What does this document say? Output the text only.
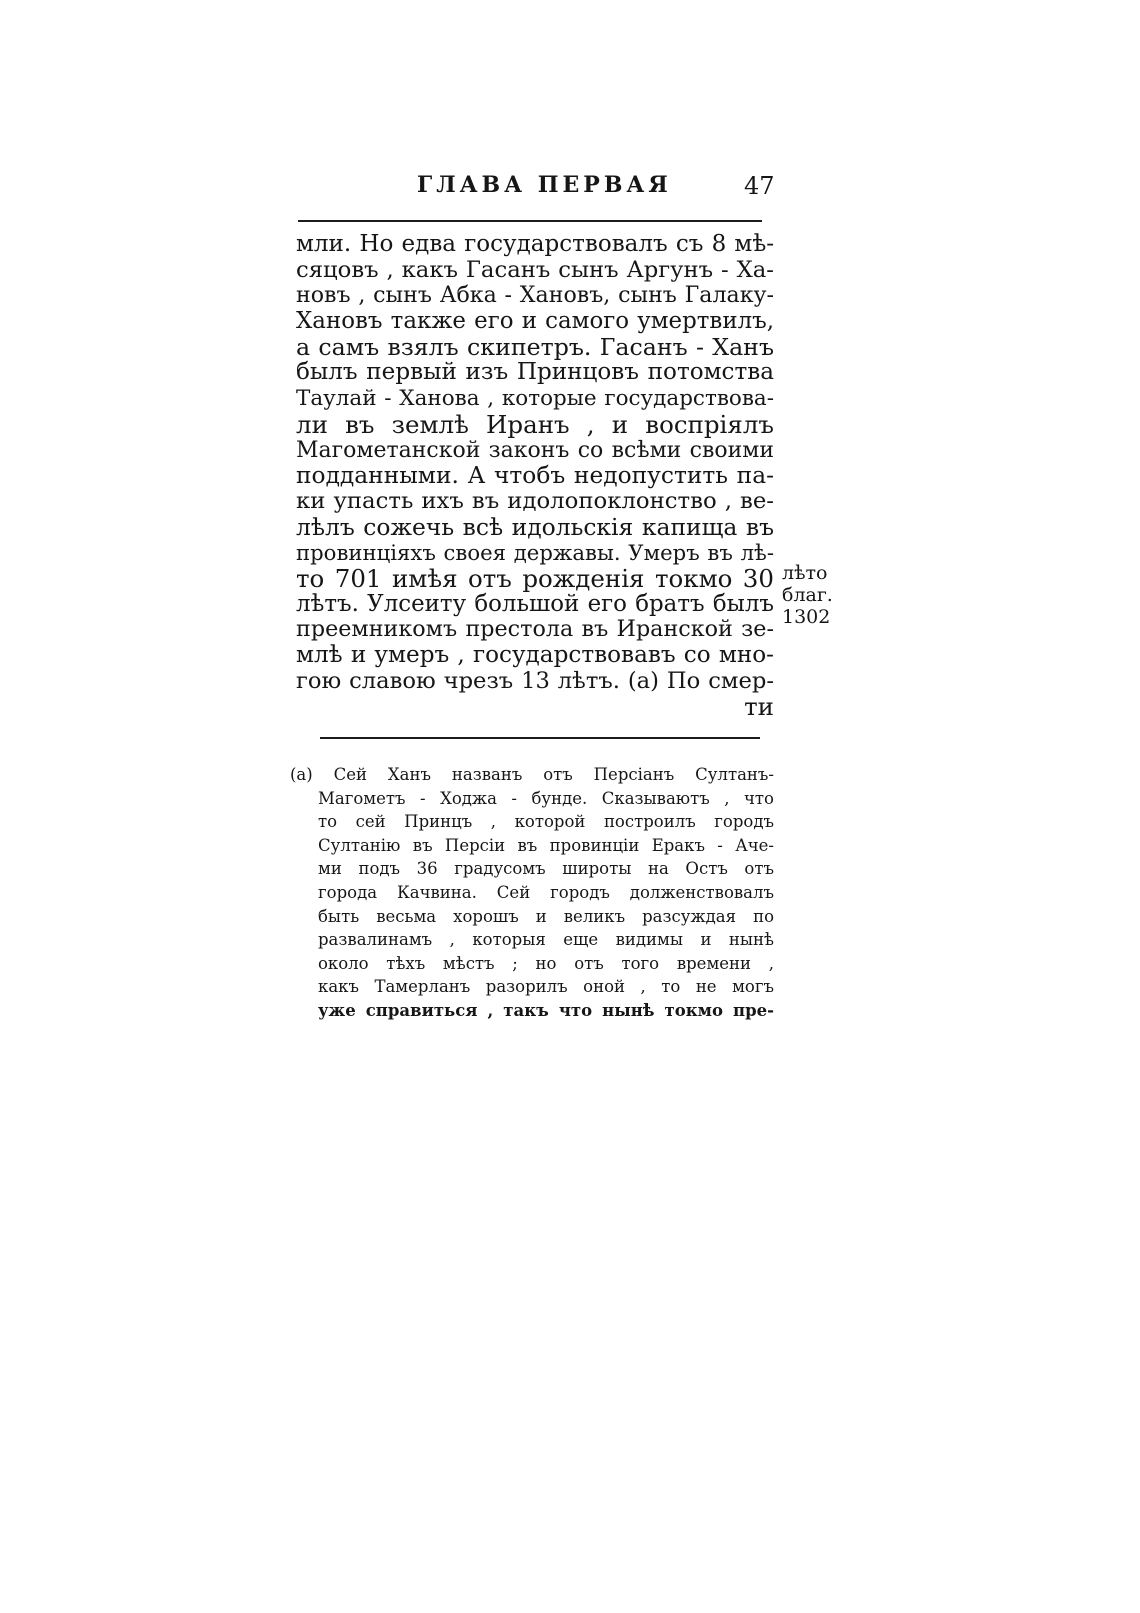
ГЛАВА ПЕРВАЯ	47
мли. Но едва государствовалъ съ 8 мѣ-
сяцовъ , какъ Гасанъ сынъ Аргунъ - Ха-
новъ , сынъ Абка - Хановъ, сынъ Галаку-
Хановъ также его и самого умертвилъ,
а самъ взялъ скипетръ. Гасанъ - Ханъ
былъ первый изъ Принцовъ потомства
Таулай - Ханова , которые государствова-
ли въ землѣ Иранъ , и воспріялъ
Магометанской законъ со всѣми своими
подданными. А чтобъ недопустить па-
ки упасть ихъ въ идолопоклонство , ве-
лѣлъ сожечь всѣ идольскія капища въ
провинціяхъ своея державы. Умеръ въ лѣ-
то 701 имѣя отъ рожденія токмо 30
лѣтъ. Улсеиту большой его братъ былъ
преемникомъ престола въ Иранской зе-
млѣ и умеръ , государствовавъ со мно-
гою славою чрезъ 13 лѣтъ. (а) По смер-
ти
лѣто
благ.
1302
(а) Сей Ханъ названъ отъ Персіанъ Султанъ-
Магометъ - Ходжа - бунде. Сказываютъ , что
то сей Принцъ , которой построилъ городъ
Султанію въ Персіи въ провинціи Еракъ - Аче-
ми подъ 36 градусомъ широты на Остъ отъ
города Качвина. Сей городъ долженствовалъ
быть весьма хорошъ и великъ разсуждая по
развалинамъ , которыя еще видимы и нынѣ
около тѣхъ мѣстъ ; но отъ того времени ,
какъ Тамерланъ разорилъ оной , то не могъ
уже справиться , такъ что нынѣ токмо пре-
